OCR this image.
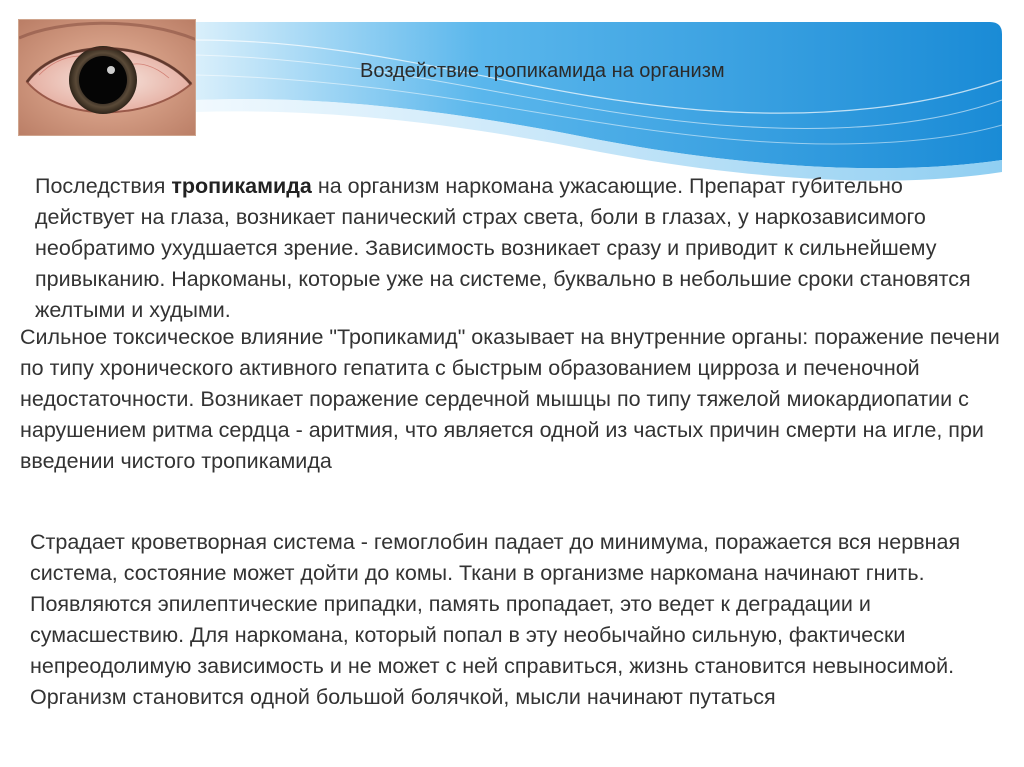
Воздействие тропикамида на организм

Последствия тропикамида на организм наркомана ужасающие. Препарат губительно действует на глаза, возникает панический страх света, боли в глазах, у наркозависимого необратимо ухудшается зрение. Зависимость возникает сразу и приводит к сильнейшему привыканию. Наркоманы, которые уже на системе, буквально в небольшие сроки становятся желтыми и худыми.

Сильное токсическое влияние "Тропикамид" оказывает на внутренние органы: поражение печени по типу хронического активного гепатита с быстрым образованием цирроза и печеночной недостаточности. Возникает поражение сердечной мышцы по типу тяжелой миокардиопатии с нарушением ритма сердца - аритмия, что является одной из частых причин смерти на игле, при введении чистого тропикамида

Страдает кроветворная система - гемоглобин падает до минимума, поражается вся нервная система, состояние может дойти до комы. Ткани в организме наркомана начинают гнить. Появляются эпилептические припадки, память пропадает, это ведет к деградации и сумасшествию. Для наркомана, который попал в эту необычайно сильную, фактически непреодолимую зависимость и не может с ней справиться, жизнь становится невыносимой. Организм становится одной большой болячкой, мысли начинают путаться
